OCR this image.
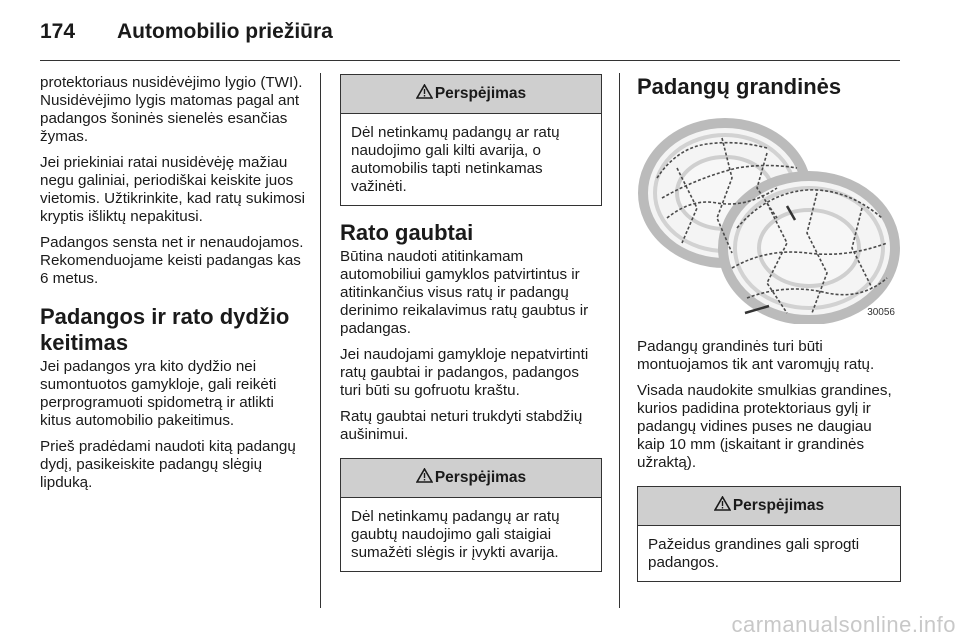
174 Automobilio priežiūra

protektoriaus nusidėvėjimo lygio (TWI). Nusidėvėjimo lygis matomas pagal ant padangos šoninės sienelės esančias žymas.

Jei priekiniai ratai nusidėvėję mažiau negu galiniai, periodiškai keiskite juos vietomis. Užtikrinkite, kad ratų sukimosi kryptis išliktų nepakitusi.

Padangos sensta net ir nenaudojamos. Rekomenduojame keisti padangas kas 6 metus.

Padangos ir rato dydžio keitimas

Jei padangos yra kito dydžio nei sumontuotos gamykloje, gali reikėti perprogramuoti spidometrą ir atlikti kitus automobilio pakeitimus.

Prieš pradėdami naudoti kitą padangų dydį, pasikeiskite padangų slėgių lipduką.

Perspėjimas
Dėl netinkamų padangų ar ratų naudojimo gali kilti avarija, o automobilis tapti netinkamas važinėti.
Rato gaubtai

Būtina naudoti atitinkamam automobiliui gamyklos patvirtintus ir atitinkančius visus ratų ir padangų derinimo reikalavimus ratų gaubtus ir padangas.

Jei naudojami gamykloje nepatvirtinti ratų gaubtai ir padangos, padangos turi būti su gofruotu kraštu.

Ratų gaubtai neturi trukdyti stabdžių aušinimui.

Perspėjimas
Dėl netinkamų padangų ar ratų gaubtų naudojimo gali staigiai sumažėti slėgis ir įvykti avarija.
Padangų grandinės
30056

Padangų grandinės turi būti montuojamos tik ant varomųjų ratų.

Visada naudokite smulkias grandines, kurios padidina protektoriaus gylį ir padangų vidines puses ne daugiau kaip 10 mm (įskaitant ir grandinės užraktą).

Perspėjimas
Pažeidus grandines gali sprogti padangos.
carmanualsonline.info
